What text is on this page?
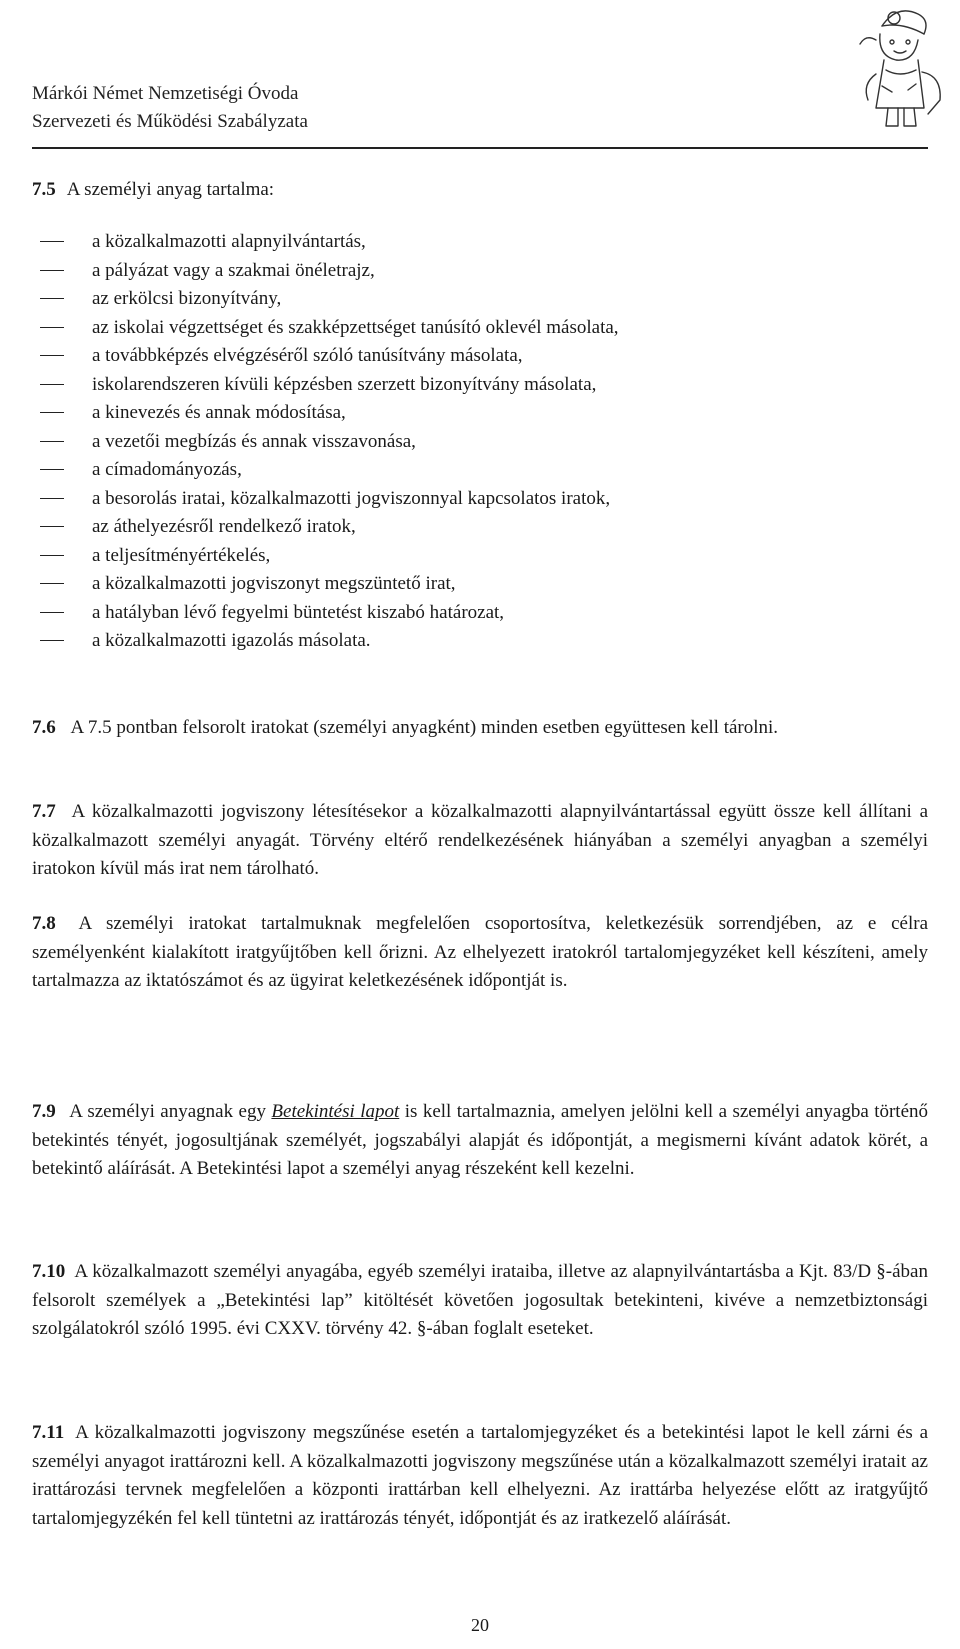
Márkói Német Nemzetiségi Óvoda
Szervezeti és Működési Szabályzata
7.5 A személyi anyag tartalma:
a közalkalmazotti alapnyilvántartás,
a pályázat vagy a szakmai önéletrajz,
az erkölcsi bizonyítvány,
az iskolai végzettséget és szakképzettséget tanúsító oklevél másolata,
a továbbképzés elvégzéséről szóló tanúsítvány másolata,
iskolarendszeren kívüli képzésben szerzett bizonyítvány másolata,
a kinevezés és annak módosítása,
a vezetői megbízás és annak visszavonása,
a címadományozás,
a besorolás iratai, közalkalmazotti jogviszonnyal kapcsolatos iratok,
az áthelyezésről rendelkező iratok,
a teljesítményértékelés,
a közalkalmazotti jogviszonyt megszüntető irat,
a hatályban lévő fegyelmi büntetést kiszabó határozat,
a közalkalmazotti igazolás másolata.
7.6 A 7.5 pontban felsorolt iratokat (személyi anyagként) minden esetben együttesen kell tárolni.
7.7 A közalkalmazotti jogviszony létesítésekor a közalkalmazotti alapnyilvántartással együtt össze kell állítani a közalkalmazott személyi anyagát. Törvény eltérő rendelkezésének hiányában a személyi anyagban a személyi iratokon kívül más irat nem tárolható.
7.8 A személyi iratokat tartalmuknak megfelelően csoportosítva, keletkezésük sorrendjében, az e célra személyenként kialakított iratgyűjtőben kell őrizni. Az elhelyezett iratokról tartalomjegyzéket kell készíteni, amely tartalmazza az iktatószámot és az ügyirat keletkezésének időpontját is.
7.9 A személyi anyagnak egy Betekintési lapot is kell tartalmaznia, amelyen jelölni kell a személyi anyagba történő betekintés tényét, jogosultjának személyét, jogszabályi alapját és időpontját, a megismerni kívánt adatok körét, a betekintő aláírását. A Betekintési lapot a személyi anyag részeként kell kezelni.
7.10 A közalkalmazott személyi anyagába, egyéb személyi irataiba, illetve az alapnyilvántartásba a Kjt. 83/D §-ában felsorolt személyek a „Betekintési lap” kitöltését követően jogosultak betekinteni, kivéve a nemzetbiztonsági szolgálatokról szóló 1995. évi CXXV. törvény 42. §-ában foglalt eseteket.
7.11 A közalkalmazotti jogviszony megszűnése esetén a tartalomjegyzéket és a betekintési lapot le kell zárni és a személyi anyagot irattározni kell. A közalkalmazotti jogviszony megszűnése után a közalkalmazott személyi iratait az irattározási tervnek megfelelően a központi irattárban kell elhelyezni. Az irattárba helyezése előtt az iratgyűjtő tartalomjegyzékén fel kell tüntetni az irattározás tényét, időpontját és az iratkezelő aláírását.
20
